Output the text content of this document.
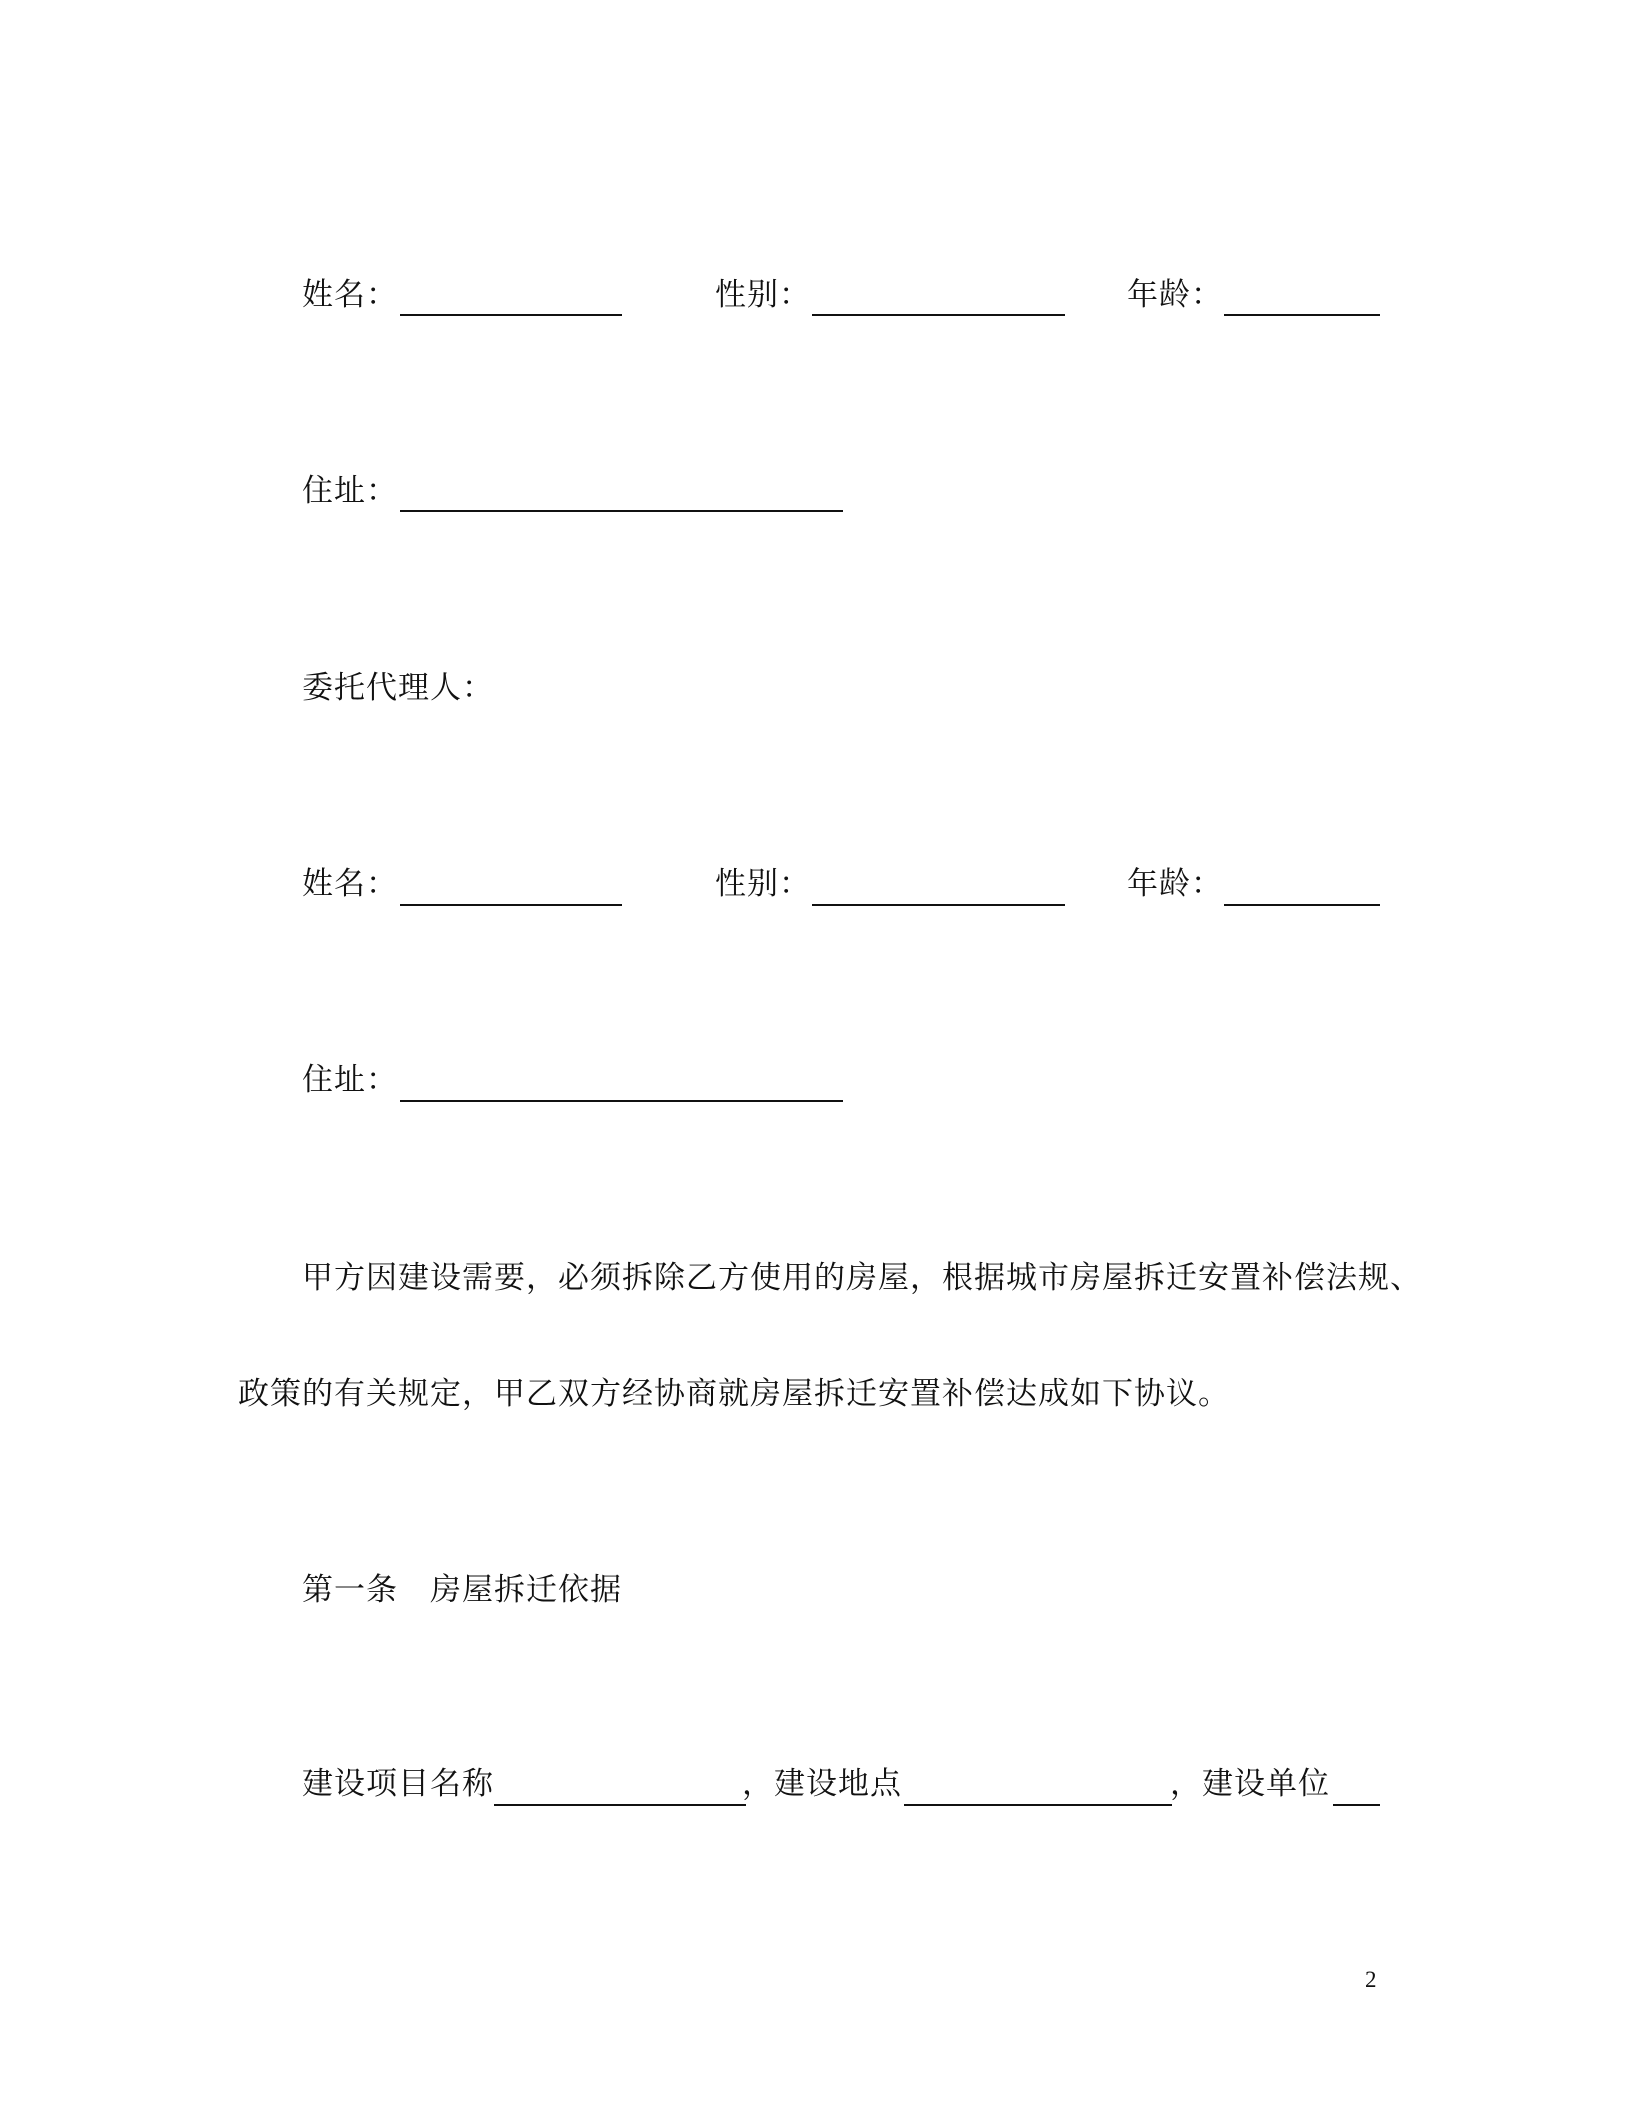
姓名：	性别：	年龄：
住址：
委托代理人：
姓名：	性别：	年龄：
住址：
甲方因建设需要，必须拆除乙方使用的房屋，根据城市房屋拆迁安置补偿法规、
政策的有关规定，甲乙双方经协商就房屋拆迁安置补偿达成如下协议。
第一条　房屋拆迁依据
建设项目名称	，建设地点	，建设单位
2
